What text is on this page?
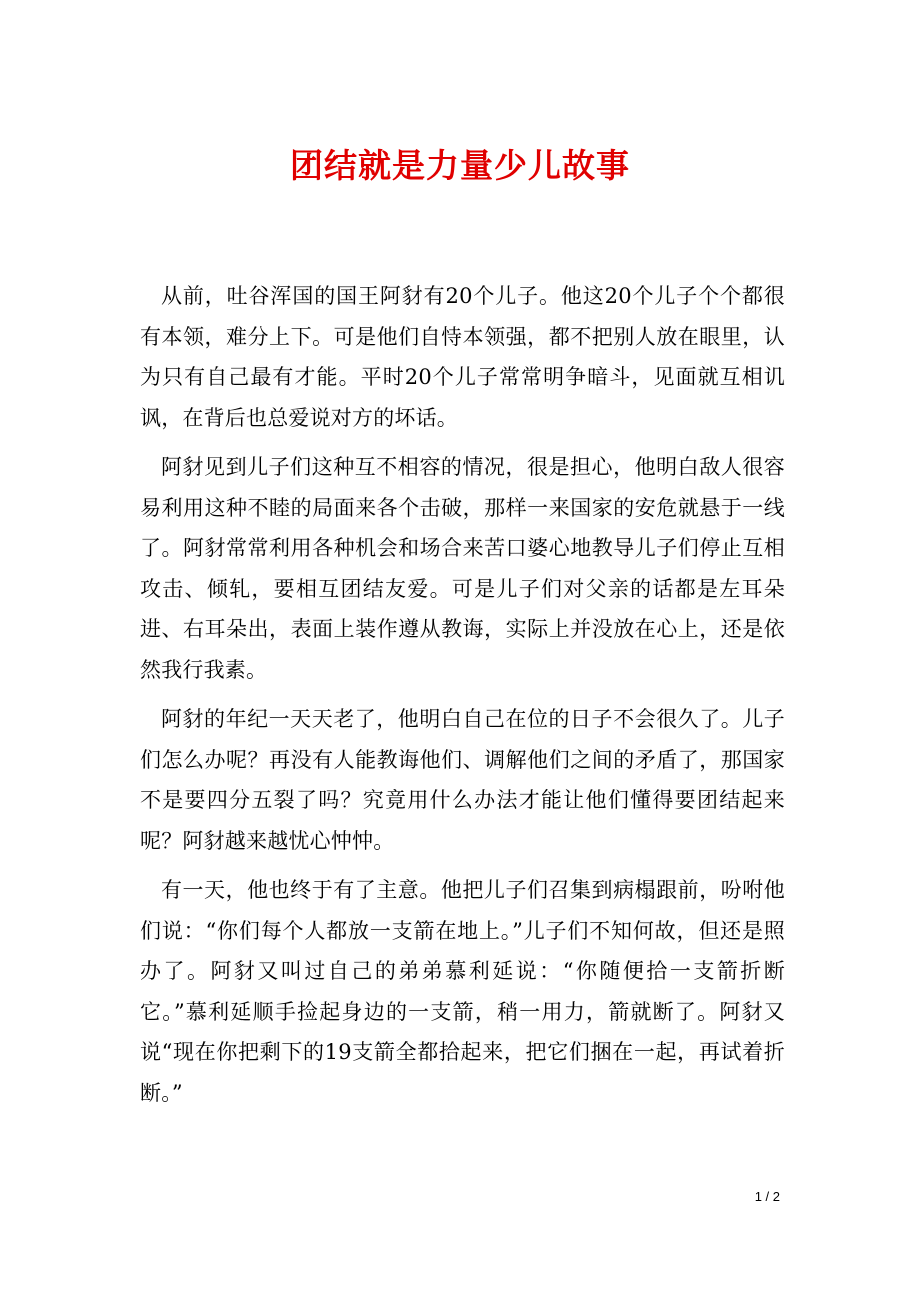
团结就是力量少儿故事

从前，吐谷浑国的国王阿豺有20个儿子。他这20个儿子个个都很有本领，难分上下。可是他们自恃本领强，都不把别人放在眼里，认为只有自己最有才能。平时20个儿子常常明争暗斗，见面就互相讥讽，在背后也总爱说对方的坏话。

阿豺见到儿子们这种互不相容的情况，很是担心，他明白敌人很容易利用这种不睦的局面来各个击破，那样一来国家的安危就悬于一线了。阿豺常常利用各种机会和场合来苦口婆心地教导儿子们停止互相攻击、倾轧，要相互团结友爱。可是儿子们对父亲的话都是左耳朵进、右耳朵出，表面上装作遵从教诲，实际上并没放在心上，还是依然我行我素。

阿豺的年纪一天天老了，他明白自己在位的日子不会很久了。儿子们怎么办呢？再没有人能教诲他们、调解他们之间的矛盾了，那国家不是要四分五裂了吗？究竟用什么办法才能让他们懂得要团结起来呢？阿豺越来越忧心忡忡。

有一天，他也终于有了主意。他把儿子们召集到病榻跟前，吩咐他们说：“你们每个人都放一支箭在地上。”儿子们不知何故，但还是照办了。阿豺又叫过自己的弟弟慕利延说：“你随便拾一支箭折断它。”慕利延顺手捡起身边的一支箭，稍一用力，箭就断了。阿豺又说“现在你把剩下的19支箭全都拾起来，把它们捆在一起，再试着折断。”

1 / 2
